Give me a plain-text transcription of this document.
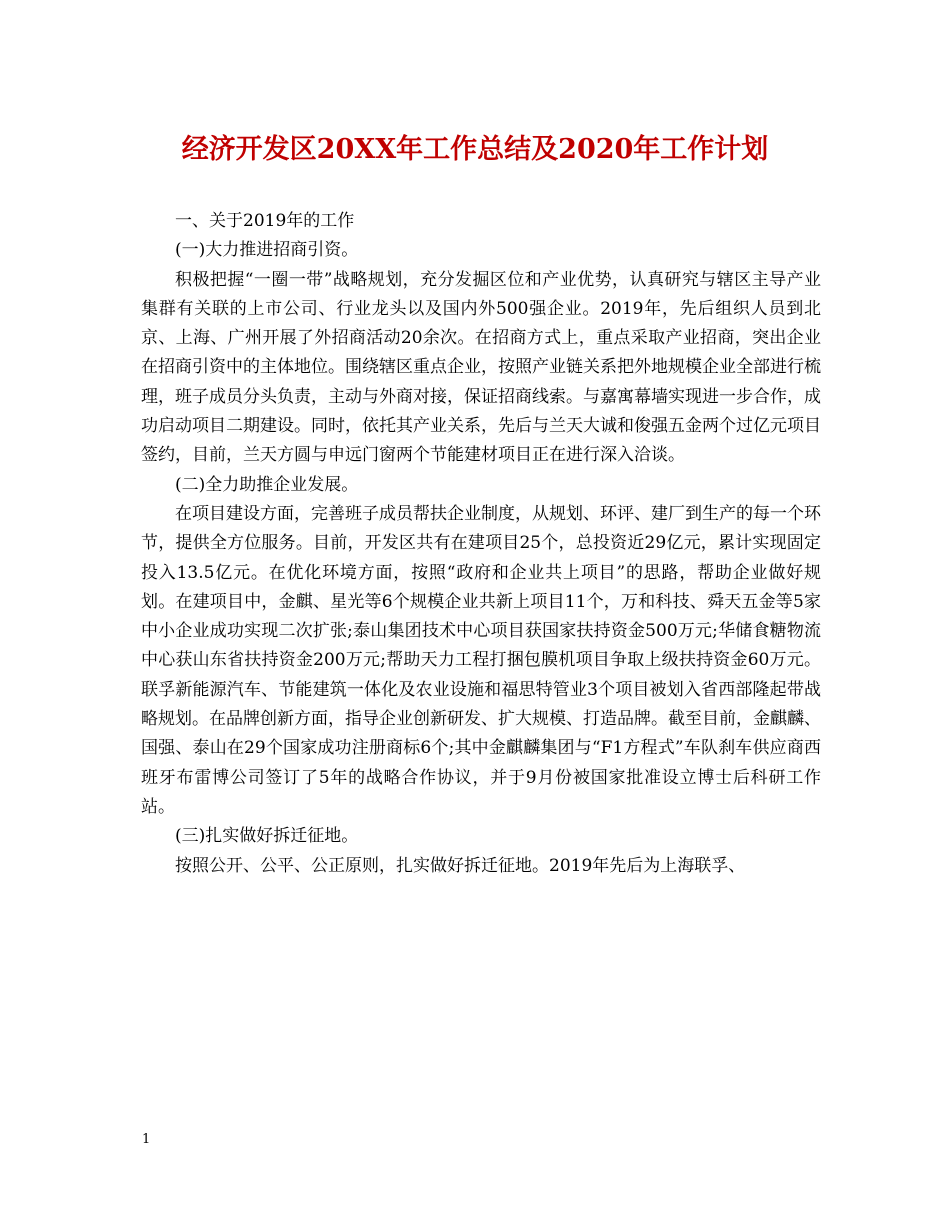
经济开发区20XX年工作总结及2020年工作计划

一、关于2019年的工作

(一)大力推进招商引资。

积极把握“一圈一带”战略规划，充分发掘区位和产业优势，认真研究与辖区主导产业集群有关联的上市公司、行业龙头以及国内外500强企业。2019年，先后组织人员到北京、上海、广州开展了外招商活动20余次。在招商方式上，重点采取产业招商，突出企业在招商引资中的主体地位。围绕辖区重点企业，按照产业链关系把外地规模企业全部进行梳理，班子成员分头负责，主动与外商对接，保证招商线索。与嘉寓幕墙实现进一步合作，成功启动项目二期建设。同时，依托其产业关系，先后与兰天大诚和俊强五金两个过亿元项目签约，目前，兰天方圆与申远门窗两个节能建材项目正在进行深入洽谈。

(二)全力助推企业发展。

在项目建设方面，完善班子成员帮扶企业制度，从规划、环评、建厂到生产的每一个环节，提供全方位服务。目前，开发区共有在建项目25个，总投资近29亿元，累计实现固定投入13.5亿元。在优化环境方面，按照“政府和企业共上项目”的思路，帮助企业做好规划。在建项目中，金麒、星光等6个规模企业共新上项目11个，万和科技、舜天五金等5家中小企业成功实现二次扩张;泰山集团技术中心项目获国家扶持资金500万元;华储食糖物流中心获山东省扶持资金200万元;帮助天力工程打捆包膜机项目争取上级扶持资金60万元。联孚新能源汽车、节能建筑一体化及农业设施和福思特管业3个项目被划入省西部隆起带战略规划。在品牌创新方面，指导企业创新研发、扩大规模、打造品牌。截至目前，金麒麟、国强、泰山在29个国家成功注册商标6个;其中金麒麟集团与“F1方程式”车队刹车供应商西班牙布雷博公司签订了5年的战略合作协议，并于9月份被国家批准设立博士后科研工作站。

(三)扎实做好拆迁征地。

按照公开、公平、公正原则，扎实做好拆迁征地。2019年先后为上海联孚、

1
